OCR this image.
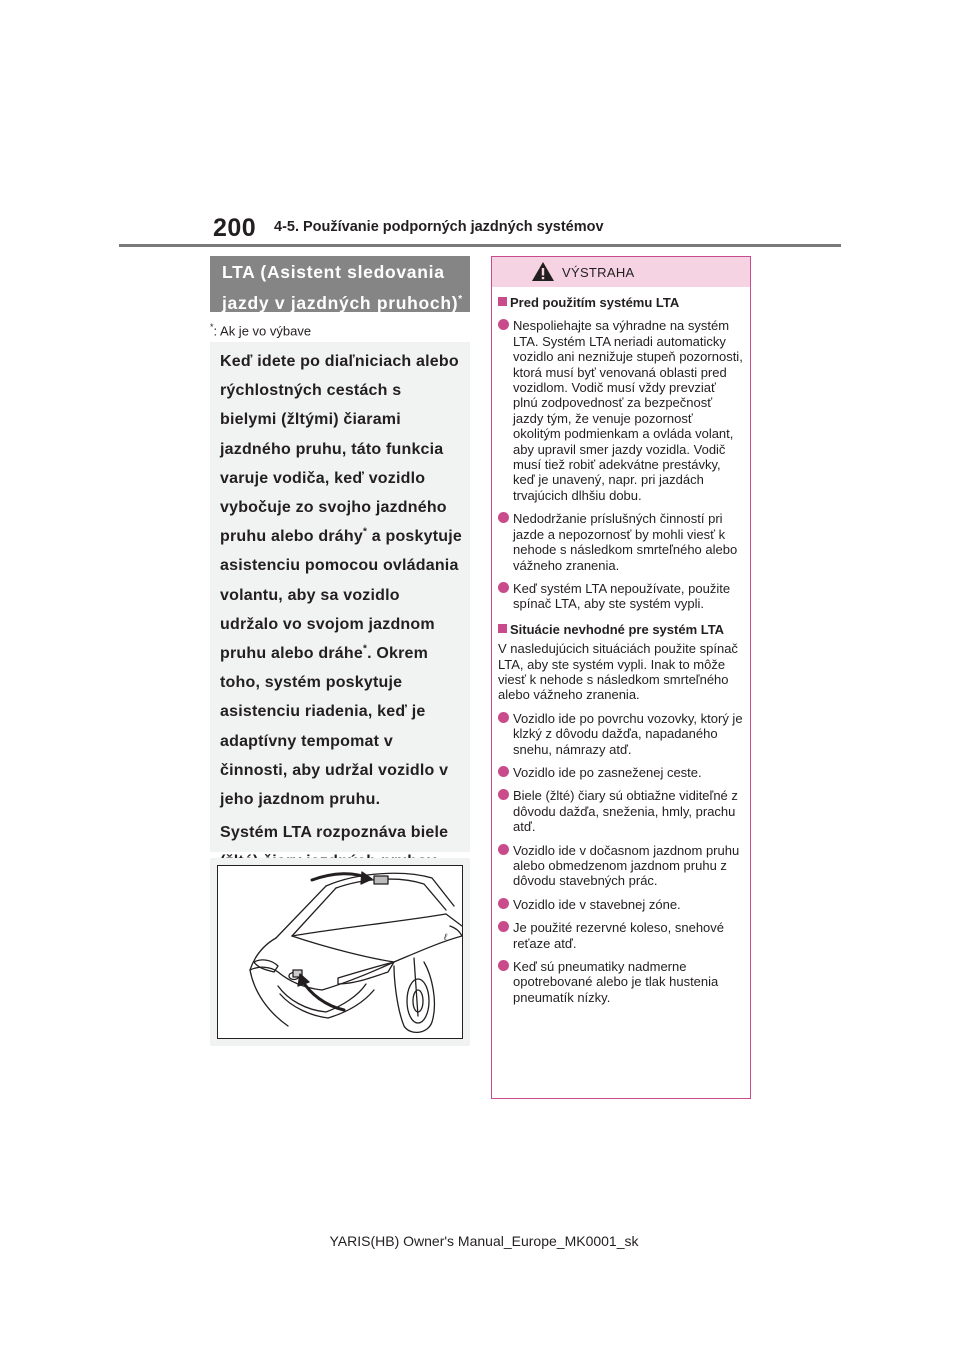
200 4-5. Používanie podporných jazdných systémov
LTA (Asistent sledovania
jazdy v jazdných pruhoch)*
*: Ak je vo výbave

Keď idete po diaľniciach alebo rýchlostných cestách s bielymi (žltými) čiarami jazdného pruhu, táto funkcia varuje vodiča, keď vozidlo vybočuje zo svojho jazdného pruhu alebo dráhy* a poskytuje asistenciu pomocou ovládania volantu, aby sa vozidlo udržalo vo svojom jazdnom pruhu alebo dráhe*. Okrem toho, systém poskytuje asistenciu riadenia, keď je adaptívny tempomat v činnosti, aby udržal vozidlo v jeho jazdnom pruhu.

Systém LTA rozpoznáva biele

ℓ
VÝSTRAHA
Pred použitím systému LTA
Nespoliehajte sa výhradne na systém LTA. Systém LTA neriadi automaticky vozidlo ani neznižuje stupeň pozornosti, ktorá musí byť venovaná oblasti pred vozidlom. Vodič musí vždy prevziať plnú zodpovednosť za bezpečnosť jazdy tým, že venuje pozornosť okolitým podmienkam a ovláda volant, aby upravil smer jazdy vozidla. Vodič musí tiež robiť adekvátne prestávky, keď je unavený, napr. pri jazdách trvajúcich dlhšiu dobu.
Nedodržanie príslušných činností pri jazde a nepozornosť by mohli viesť k nehode s následkom smrteľného alebo vážneho zranenia.
Keď systém LTA nepoužívate, použite spínač LTA, aby ste systém vypli.
Situácie nevhodné pre systém LTA
V nasledujúcich situáciách použite spínač LTA, aby ste systém vypli. Inak to môže viesť k nehode s následkom smrteľného alebo vážneho zranenia.
Vozidlo ide po povrchu vozovky, ktorý je klzký z dôvodu dažďa, napadaného snehu, námrazy atď.
Vozidlo ide po zasneženej ceste.
Biele (žlté) čiary sú obtiažne viditeľné z dôvodu dažďa, sneženia, hmly, prachu atď.
Vozidlo ide v dočasnom jazdnom pruhu alebo obmedzenom jazdnom pruhu z dôvodu stavebných prác.
Vozidlo ide v stavebnej zóne.
Je použité rezervné koleso, snehové reťaze atď.
Keď sú pneumatiky nadmerne opotrebované alebo je tlak hustenia pneumatík nízky.
YARIS(HB) Owner's Manual_Europe_MK0001_sk
